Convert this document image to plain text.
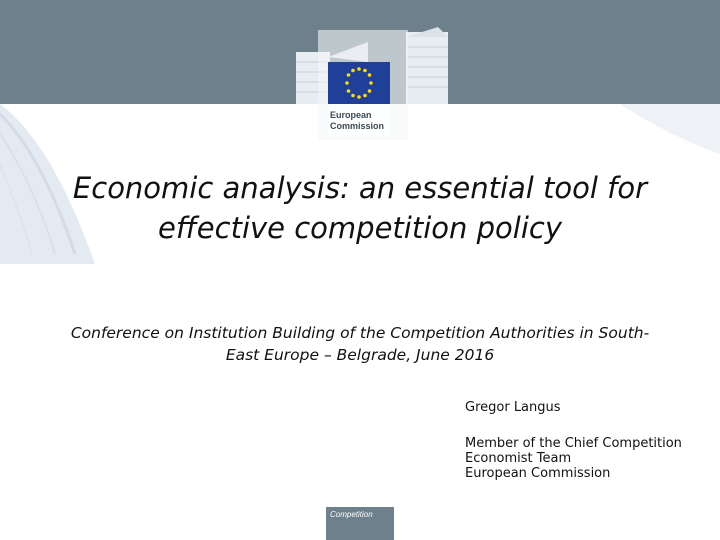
European
Commission
Economic analysis: an essential tool for
effective competition policy
Conference on Institution Building of the Competition Authorities in South-
East Europe – Belgrade, June 2016
Gregor Langus
Member of the Chief Competition
Economist Team
European Commission
Competition
